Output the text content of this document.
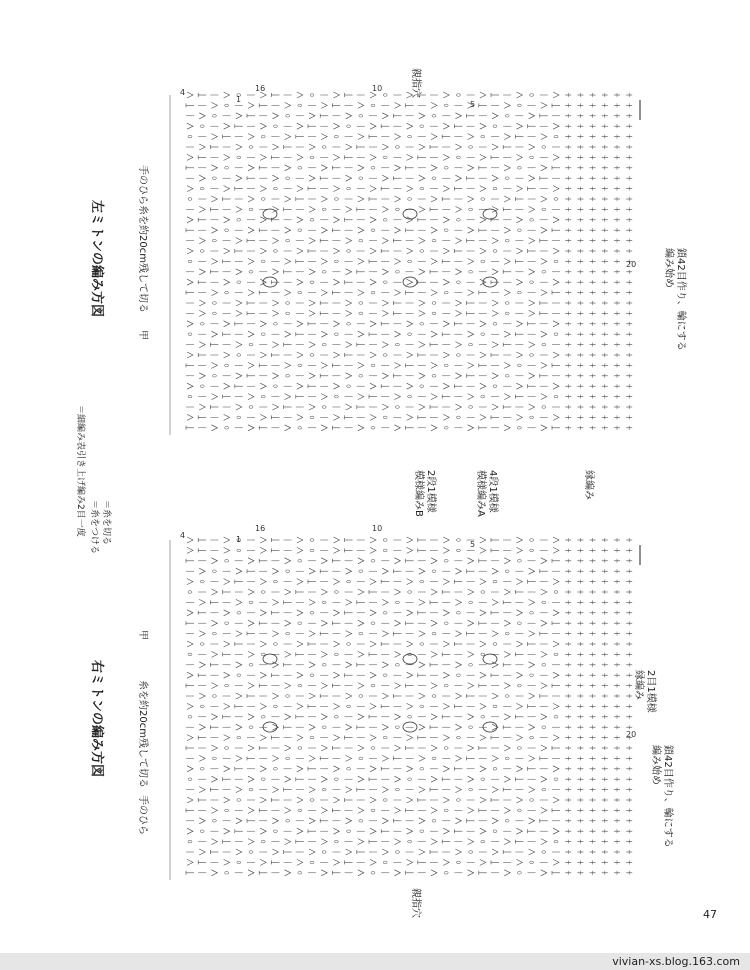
左ミトンの編み方図	糸を約20cm残して切る
手のひら
甲
親指穴
編み始め 鎖42目作り、輪にする
4
1
16	10
5
20
＝細編み表引き上げ編み2目一度 ＝糸をつける ＝糸を切る
右ミトンの編み方図	糸を約20cm残して切る
手のひら
甲
親指穴
模様編みB 2段1模様	模様編みA 4段1模様	縁編み
縁編み 2目1模様
編み始め 鎖42目作り、輪にする
4	1
16	10
5
20
47
vivian-xs.blog.163.com
